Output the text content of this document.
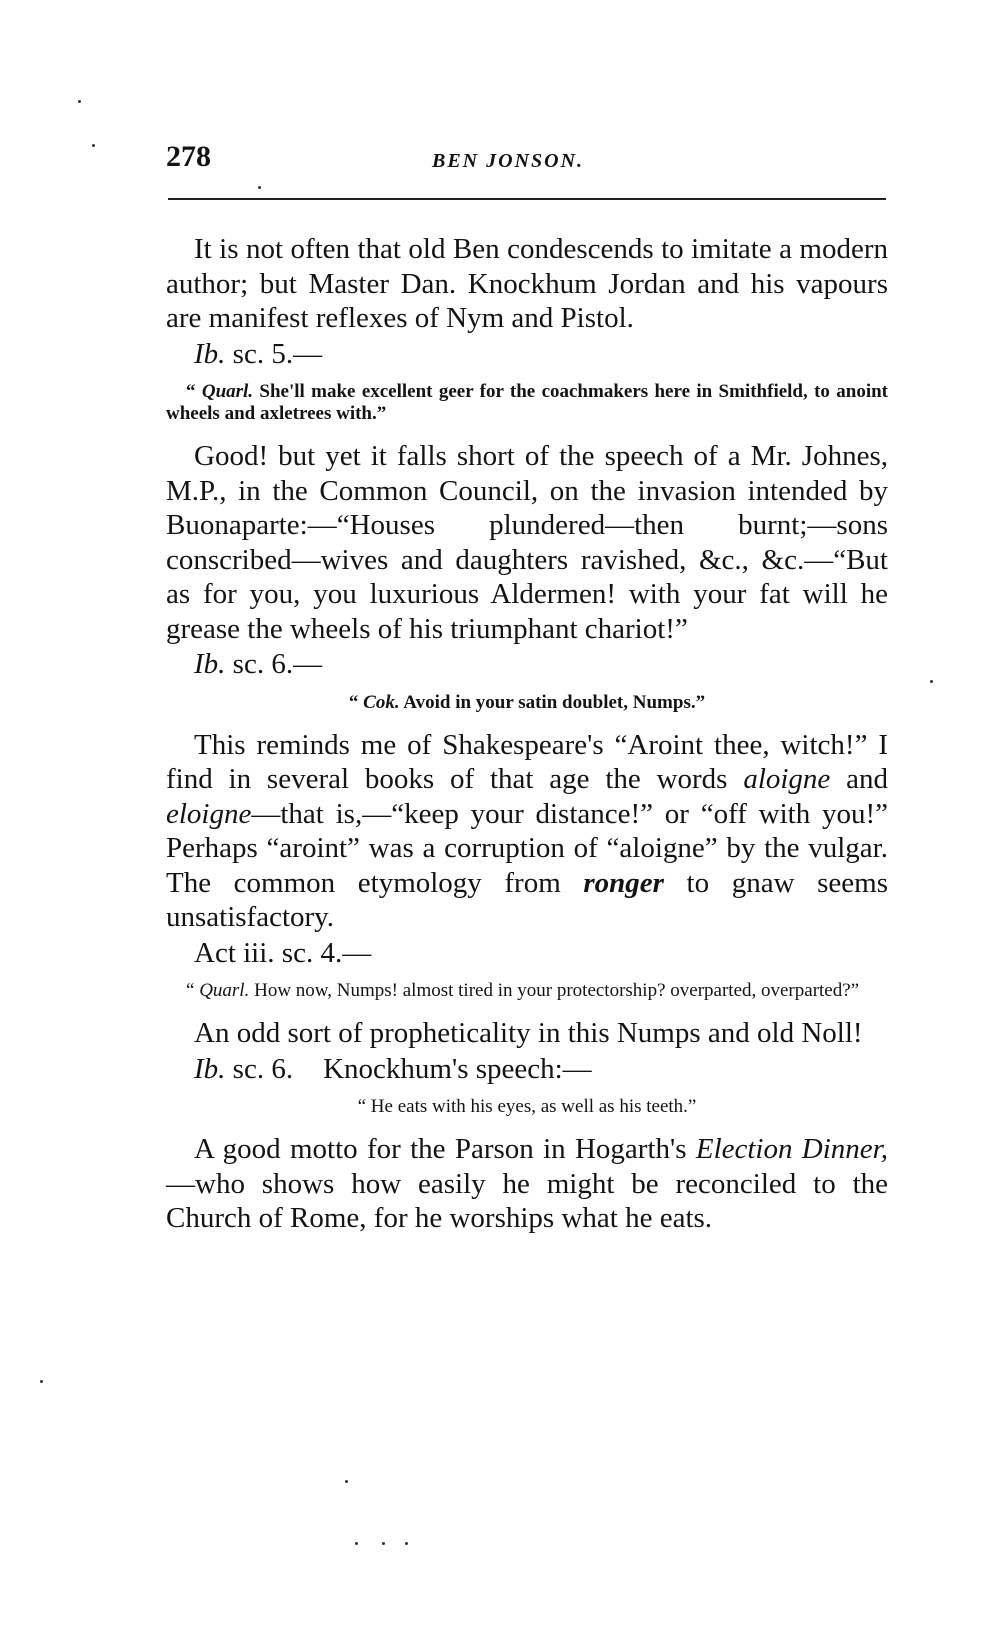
278	BEN JONSON.

It is not often that old Ben condescends to imitate a modern author; but Master Dan. Knockhum Jordan and his vapours are manifest reflexes of Nym and Pistol.

Ib. sc. 5.—

“ Quarl. She'll make excellent geer for the coachmakers here in Smithfield, to anoint wheels and axletrees with.”

Good! but yet it falls short of the speech of a Mr. Johnes, M.P., in the Common Council, on the invasion intended by Buonaparte:—“Houses plundered—then burnt;—sons conscribed—wives and daughters ravished, &c., &c.—“But as for you, you luxurious Aldermen! with your fat will he grease the wheels of his triumphant chariot!”

Ib. sc. 6.—

“ Cok. Avoid in your satin doublet, Numps.”

This reminds me of Shakespeare's “Aroint thee, witch!” I find in several books of that age the words aloigne and eloigne—that is,—“keep your distance!” or “off with you!” Perhaps “aroint” was a corruption of “aloigne” by the vulgar. The common etymology from ronger to gnaw seems unsatisfactory.

Act iii. sc. 4.—

“ Quarl. How now, Numps! almost tired in your protectorship? overparted, overparted?”

An odd sort of propheticality in this Numps and old Noll!

Ib. sc. 6. Knockhum's speech:—

“ He eats with his eyes, as well as his teeth.”

A good motto for the Parson in Hogarth's Election Dinner,—who shows how easily he might be reconciled to the Church of Rome, for he worships what he eats.
